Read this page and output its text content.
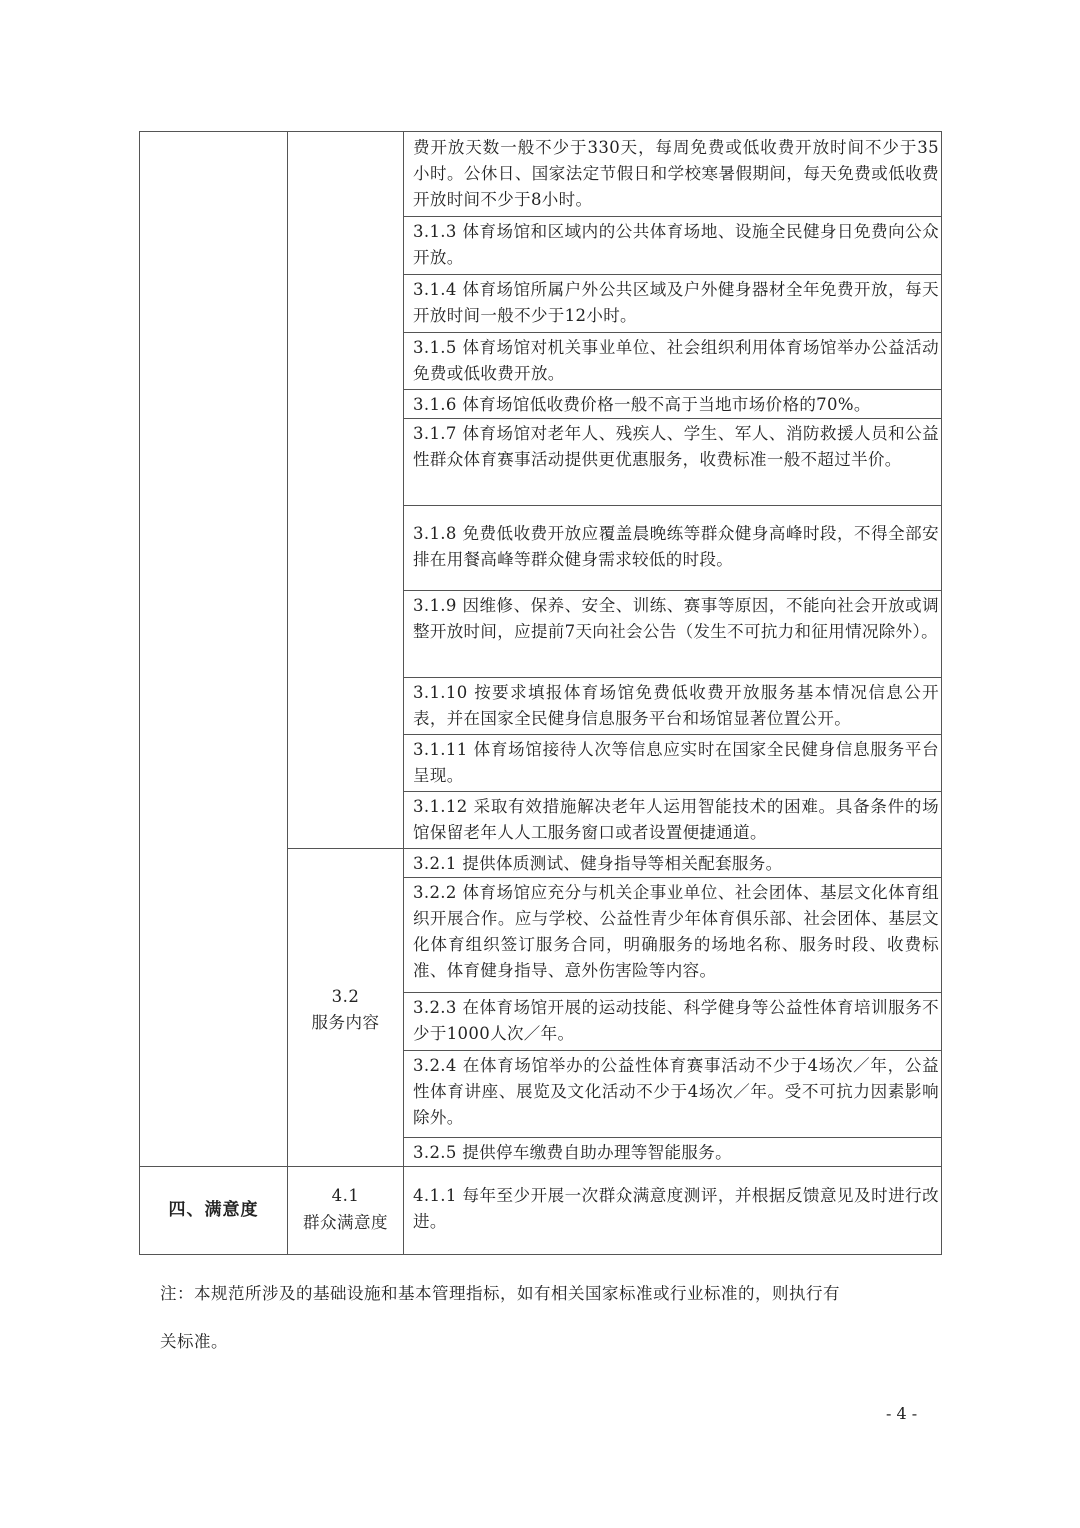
费开放天数一般不少于330天，每周免费或低收费开放时间不少于35小时。公休日、国家法定节假日和学校寒暑假期间，每天免费或低收费开放时间不少于8小时。
3.1.3 体育场馆和区域内的公共体育场地、设施全民健身日免费向公众开放。
3.1.4 体育场馆所属户外公共区域及户外健身器材全年免费开放，每天开放时间一般不少于12小时。
3.1.5 体育场馆对机关事业单位、社会组织利用体育场馆举办公益活动免费或低收费开放。
3.1.6 体育场馆低收费价格一般不高于当地市场价格的70%。
3.1.7 体育场馆对老年人、残疾人、学生、军人、消防救援人员和公益性群众体育赛事活动提供更优惠服务，收费标准一般不超过半价。
3.1.8 免费低收费开放应覆盖晨晚练等群众健身高峰时段，不得全部安排在用餐高峰等群众健身需求较低的时段。
3.1.9 因维修、保养、安全、训练、赛事等原因，不能向社会开放或调整开放时间，应提前7天向社会公告（发生不可抗力和征用情况除外）。
3.1.10 按要求填报体育场馆免费低收费开放服务基本情况信息公开表，并在国家全民健身信息服务平台和场馆显著位置公开。
3.1.11 体育场馆接待人次等信息应实时在国家全民健身信息服务平台呈现。
3.1.12 采取有效措施解决老年人运用智能技术的困难。具备条件的场馆保留老年人人工服务窗口或者设置便捷通道。
3.2.1 提供体质测试、健身指导等相关配套服务。
3.2.2 体育场馆应充分与机关企事业单位、社会团体、基层文化体育组织开展合作。应与学校、公益性青少年体育俱乐部、社会团体、基层文化体育组织签订服务合同，明确服务的场地名称、服务时段、收费标准、体育健身指导、意外伤害险等内容。
3.2.3 在体育场馆开展的运动技能、科学健身等公益性体育培训服务不少于1000人次／年。
3.2.4 在体育场馆举办的公益性体育赛事活动不少于4场次／年，公益性体育讲座、展览及文化活动不少于4场次／年。受不可抗力因素影响除外。
3.2.5 提供停车缴费自助办理等智能服务。
4.1.1 每年至少开展一次群众满意度测评，并根据反馈意见及时进行改进。
3.2
服务内容
四、满意度
4.1
群众满意度
注：本规范所涉及的基础设施和基本管理指标，如有相关国家标准或行业标准的，则执行有
关标准。
- 4 -
